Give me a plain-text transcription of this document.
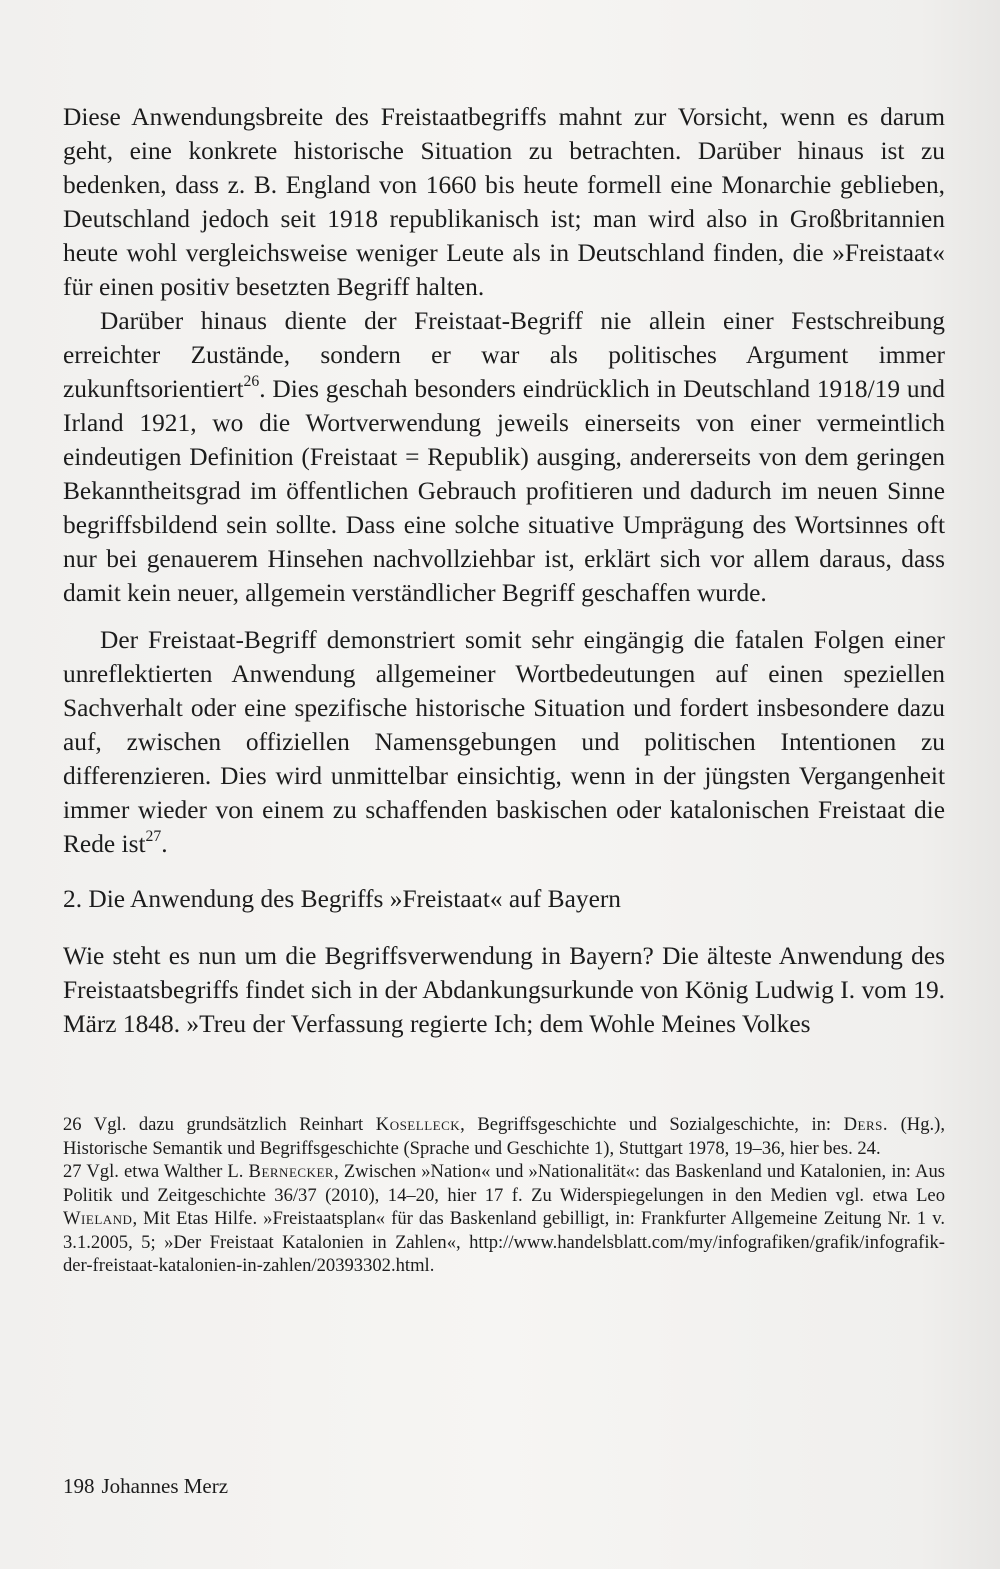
Diese Anwendungsbreite des Freistaatbegriffs mahnt zur Vorsicht, wenn es darum geht, eine konkrete historische Situation zu betrachten. Darüber hinaus ist zu bedenken, dass z. B. England von 1660 bis heute formell eine Monarchie geblieben, Deutschland jedoch seit 1918 republikanisch ist; man wird also in Großbritannien heute wohl vergleichsweise weniger Leute als in Deutschland finden, die »Freistaat« für einen positiv besetzten Begriff halten.

Darüber hinaus diente der Freistaat-Begriff nie allein einer Festschreibung erreichter Zustände, sondern er war als politisches Argument immer zukunftsorientiert$^{26}$. Dies geschah besonders eindrücklich in Deutschland 1918/19 und Irland 1921, wo die Wortverwendung jeweils einerseits von einer vermeintlich eindeutigen Definition (Freistaat = Republik) ausging, andererseits von dem geringen Bekanntheitsgrad im öffentlichen Gebrauch profitieren und dadurch im neuen Sinne begriffsbildend sein sollte. Dass eine solche situative Umprägung des Wortsinnes oft nur bei genauerem Hinsehen nachvollziehbar ist, erklärt sich vor allem daraus, dass damit kein neuer, allgemein verständlicher Begriff geschaffen wurde.

Der Freistaat-Begriff demonstriert somit sehr eingängig die fatalen Folgen einer unreflektierten Anwendung allgemeiner Wortbedeutungen auf einen speziellen Sachverhalt oder eine spezifische historische Situation und fordert insbesondere dazu auf, zwischen offiziellen Namensgebungen und politischen Intentionen zu differenzieren. Dies wird unmittelbar einsichtig, wenn in der jüngsten Vergangenheit immer wieder von einem zu schaffenden baskischen oder katalonischen Freistaat die Rede ist$^{27}$.

2. Die Anwendung des Begriffs »Freistaat« auf Bayern

Wie steht es nun um die Begriffsverwendung in Bayern? Die älteste Anwendung des Freistaatsbegriffs findet sich in der Abdankungsurkunde von König Ludwig I. vom 19. März 1848. »Treu der Verfassung regierte Ich; dem Wohle Meines Volkes

26 Vgl. dazu grundsätzlich Reinhart Koselleck, Begriffsgeschichte und Sozialgeschichte, in: Ders. (Hg.), Historische Semantik und Begriffsgeschichte (Sprache und Geschichte 1), Stuttgart 1978, 19–36, hier bes. 24.

27 Vgl. etwa Walther L. Bernecker, Zwischen »Nation« und »Nationalität«: das Baskenland und Katalonien, in: Aus Politik und Zeitgeschichte 36/37 (2010), 14–20, hier 17 f. Zu Widerspiegelungen in den Medien vgl. etwa Leo Wieland, Mit Etas Hilfe. »Freistaatsplan« für das Baskenland gebilligt, in: Frankfurter Allgemeine Zeitung Nr. 1 v. 3.1.2005, 5; »Der Freistaat Katalonien in Zahlen«, http://www.handelsblatt.com/my/infografiken/grafik/infografik-der-freistaat-katalonien-in-zahlen/20393302.html.

198 Johannes Merz
